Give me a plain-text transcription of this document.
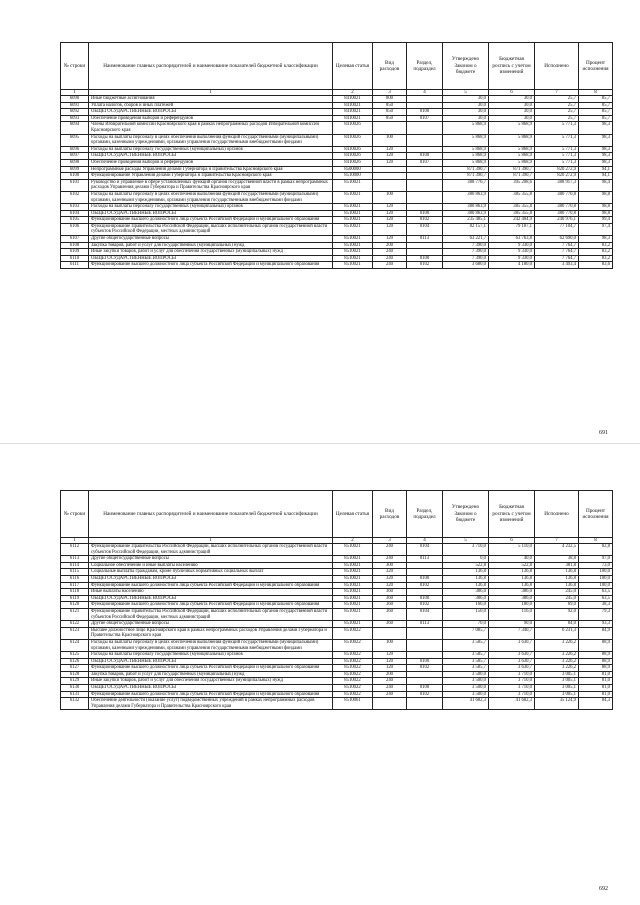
№ строки	Наименование главных распорядителей и наименование показателей бюджетной классификации	Целевая статья	Вид расходов	Раздел, подраздел	Утверждено Законом о бюджете	Бюджетная роспись с учетом изменений	Исполнено	Процент исполнения
1	1	2	3	4	5	6	7	8
6090	Иные бюджетные ассигнования	8410021	800		30,0	30,0	25,7	85,7
6091	Уплата налогов, сборов и иных платежей	8410021	850		30,0	30,0	25,7	85,7
6092	ОБЩЕГОСУДАРСТВЕННЫЕ ВОПРОСЫ	8410021	850	0100	30,0	30,0	25,7	85,7
6093	Обеспечение проведения выборов и референдумов	8410021	850	0107	30,0	30,0	25,7	85,7
6094	Члены Избирательной комиссии Красноярского края в рамках непрограммных расходов Избирательной комиссии Красноярского края	8410026			5 868,9	5 868,9	5 771,3	98,3
6095	Расходы на выплаты персоналу в целях обеспечения выполнения функций государственными (муниципальными) органами, казенными учреждениями, органами управления государственными внебюджетными фондами	8410026	100		5 868,9	5 868,9	5 771,3	98,3
6096	Расходы на выплаты персоналу государственных (муниципальных) органов	8410026	120		5 868,9	5 868,9	5 771,3	98,3
6097	ОБЩЕГОСУДАРСТВЕННЫЕ ВОПРОСЫ	8410026	120	0100	5 868,9	5 868,9	5 771,3	98,3
6098	Обеспечение проведения выборов и референдумов	8410026	120	0107	5 868,9	5 868,9	5 771,3	98,3
6099	Непрограммные расходы Управления делами Губернатора и Правительства Красноярского края	8500000			871 390,7	871 390,7	820 272,9	94,1
6100	Функционирование Управления делами Губернатора и Правительства Красноярского края	8510000			871 390,7	871 390,7	820 272,9	94,1
6101	Руководство и управление в сфере установленных функций органов государственной власти в рамках непрограммных расходов Управления делами Губернатора и Правительства Красноярского края	8510021			388 776,7	395 208,6	388 917,3	98,4
6102	Расходы на выплаты персоналу в целях обеспечения выполнения функций государственными (муниципальными) органами, казенными учреждениями, органами управления государственными внебюджетными фондами	8510021	100		380 863,9	385 355,8	380 770,8	98,8
6103	Расходы на выплаты персоналу государственных (муниципальных) органов	8510021	120		380 863,9	385 355,8	380 770,8	98,8
6104	ОБЩЕГОСУДАРСТВЕННЫЕ ВОПРОСЫ	8510021	120	0100	380 863,9	385 355,8	380 770,8	98,8
6105	Функционирование высшего должностного лица субъекта Российской Федерации и муниципального образования	8510021	120	0102	235 485,1	242 404,9	240 976,1	99,4
6106	Функционирование Правительства Российской Федерации, высших исполнительных органов государственной власти субъектов Российской Федерации, местных администраций	8510021	120	0104	82 157,1	79 187,1	77 104,7	97,4
6107	Другие общегосударственные вопросы	8510021	120	0113	63 221,7	63 763,8	62 690,0	98,3
6108	Закупка товаров, работ и услуг для государственных (муниципальных) нужд	8510021	200		7 390,0	9 330,0	7 764,7	83,2
6109	Иные закупки товаров, работ и услуг для обеспечения государственных (муниципальных) нужд	8510021	240		7 390,0	9 330,0	7 764,7	83,2
6110	ОБЩЕГОСУДАРСТВЕННЫЕ ВОПРОСЫ	8510021	240	0100	7 390,0	9 330,0	7 764,7	83,2
6111	Функционирование высшего должностного лица субъекта Российской Федерации и муниципального образования	8510021	240	0102	3 680,0	4 180,0	3 493,4	83,6
691
№ строки	Наименование главных распорядителей и наименование показателей бюджетной классификации	Целевая статья	Вид расходов	Раздел, подраздел	Утверждено Законом о бюджете	Бюджетная роспись с учетом изменений	Исполнено	Процент исполнения
1	1	2	3	4	5	6	7	8
6112	Функционирование Правительства Российской Федерации, высших исполнительных органов государственной власти субъектов Российской Федерации, местных администраций	8510021	240	0104	3 710,0	5 110,0	4 232,5	82,8
6113	Другие общегосударственные вопросы	8510021	240	0113	0,0	40,0	38,8	97,0
6114	Социальное обеспечение и иные выплаты населению	8510021	300		522,8	522,8	381,8	73,0
6115	Социальные выплаты гражданам, кроме публичных нормативных социальных выплат	8510021	320		136,8	136,8	136,8	100,0
6116	ОБЩЕГОСУДАРСТВЕННЫЕ ВОПРОСЫ	8510021	320	0100	136,8	136,8	136,8	100,0
6117	Функционирование высшего должностного лица субъекта Российской Федерации и муниципального образования	8510021	320	0102	136,8	136,8	136,8	100,0
6118	Иные выплаты населению	8510021	360		386,0	386,0	245,0	63,5
6119	ОБЩЕГОСУДАРСТВЕННЫЕ ВОПРОСЫ	8510021	360	0100	386,0	386,0	245,0	63,5
6120	Функционирование высшего должностного лица субъекта Российской Федерации и муниципального образования	8510021	360	0102	166,0	180,0	69,0	38,3
6121	Функционирование Правительства Российской Федерации, высших исполнительных органов государственной власти субъектов Российской Федерации, местных администраций	8510021	360	0104	150,0	116,0	92,0	79,3
6122	Другие общегосударственные вопросы	8510021	360	0113	70,0	90,0	84,0	93,3
6123	Высшее должностное лицо Красноярского края в рамках непрограммных расходов Управления делами Губернатора и Правительства Красноярского края	8510022			7 085,7	7 340,7	6 231,3	84,9
6124	Расходы на выплаты персоналу в целях обеспечения выполнения функций государственными (муниципальными) органами, казенными учреждениями, органами управления государственными внебюджетными фондами	8510022	100		3 585,7	3 630,7	3 226,2	88,9
6125	Расходы на выплаты персоналу государственных (муниципальных) органов	8510022	120		3 585,7	3 630,7	3 226,2	88,9
6126	ОБЩЕГОСУДАРСТВЕННЫЕ ВОПРОСЫ	8510022	120	0100	3 585,7	3 630,7	3 226,2	88,9
6127	Функционирование высшего должностного лица субъекта Российской Федерации и муниципального образования	8510022	120	0102	3 585,7	3 630,7	3 226,2	88,9
6128	Закупка товаров, работ и услуг для государственных (муниципальных) нужд	8510022	200		3 500,0	3 710,0	3 005,1	81,0
6129	Иные закупки товаров, работ и услуг для обеспечения государственных (муниципальных) нужд	8510022	240		3 500,0	3 710,0	3 005,1	81,0
6130	ОБЩЕГОСУДАРСТВЕННЫЕ ВОПРОСЫ	8510022	240	0100	3 500,0	3 710,0	3 005,1	81,0
6131	Функционирование высшего должностного лица субъекта Российской Федерации и муниципального образования	8510022	240	0102	3 500,0	3 710,0	3 005,1	81,0
6132	Обеспечение деятельности (оказание услуг) подведомственных учреждений в рамках непрограммных расходов Управления делами Губернатора и Правительства Красноярского края	8510061			41 682,3	41 682,3	35 124,9	84,3
692
